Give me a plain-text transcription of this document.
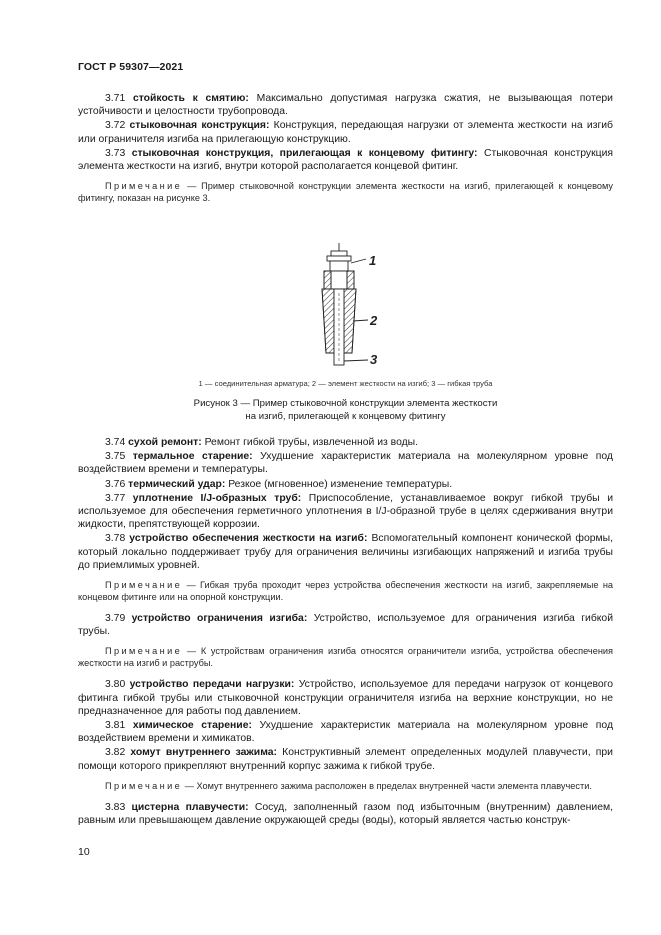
ГОСТ Р 59307—2021

3.71 стойкость к смятию: Максимально допустимая нагрузка сжатия, не вызывающая потери устойчивости и целостности трубопровода.

3.72 стыковочная конструкция: Конструкция, передающая нагрузки от элемента жесткости на изгиб или ограничителя изгиба на прилегающую конструкцию.

3.73 стыковочная конструкция, прилегающая к концевому фитингу: Стыковочная конструкция элемента жесткости на изгиб, внутри которой располагается концевой фитинг.

Примечание — Пример стыковочной конструкции элемента жесткости на изгиб, прилегающей к концевому фитингу, показан на рисунке 3.

1
2
3
1 — соединительная арматура; 2 — элемент жесткости на изгиб; 3 — гибкая труба
Рисунок 3 — Пример стыковочной конструкции элемента жесткости
на изгиб, прилегающей к концевому фитингу

3.74 сухой ремонт: Ремонт гибкой трубы, извлеченной из воды.

3.75 термальное старение: Ухудшение характеристик материала на молекулярном уровне под воздействием времени и температуры.

3.76 термический удар: Резкое (мгновенное) изменение температуры.

3.77 уплотнение I/J-образных труб: Приспособление, устанавливаемое вокруг гибкой трубы и используемое для обеспечения герметичного уплотнения в I/J-образной трубе в целях сдерживания внутри жидкости, препятствующей коррозии.

3.78 устройство обеспечения жесткости на изгиб: Вспомогательный компонент конической формы, который локально поддерживает трубу для ограничения величины изгибающих напряжений и изгиба трубы до приемлимых уровней.

Примечание — Гибкая труба проходит через устройства обеспечения жесткости на изгиб, закрепляемые на концевом фитинге или на опорной конструкции.

3.79 устройство ограничения изгиба: Устройство, используемое для ограничения изгиба гибкой трубы.

Примечание — К устройствам ограничения изгиба относятся ограничители изгиба, устройства обеспечения жесткости на изгиб и раструбы.

3.80 устройство передачи нагрузки: Устройство, используемое для передачи нагрузок от концевого фитинга гибкой трубы или стыковочной конструкции ограничителя изгиба на верхние конструкции, но не предназначенное для работы под давлением.

3.81 химическое старение: Ухудшение характеристик материала на молекулярном уровне под воздействием времени и химикатов.

3.82 хомут внутреннего зажима: Конструктивный элемент определенных модулей плавучести, при помощи которого прикрепляют внутренний корпус зажима к гибкой трубе.

Примечание — Хомут внутреннего зажима расположен в пределах внутренней части элемента плавучести.

3.83 цистерна плавучести: Сосуд, заполненный газом под избыточным (внутренним) давлением, равным или превышающем давление окружающей среды (воды), который является частью конструк-

10
